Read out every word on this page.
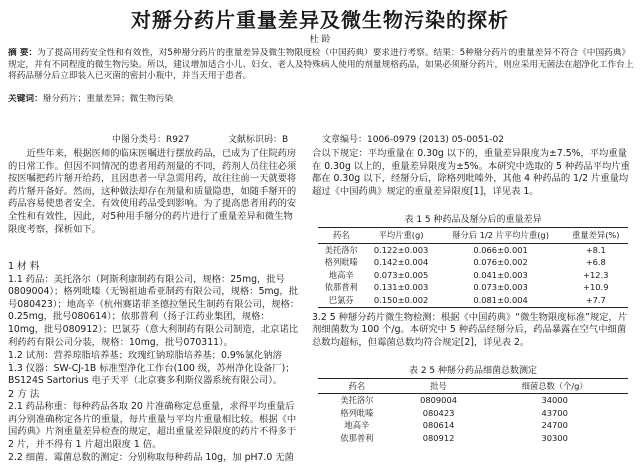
对掰分药片重量差异及微生物污染的探析
杜 龄

摘 要：为了提高用药安全性和有效性，对5种掰分药片的重量差异及微生物限度检（中国药典）要求进行考察。结果：5种掰分药片的重量差异不符合《中国药典》规定，并有不同程度的微生物污染。所以，建议增加适合小儿、妇女、老人及特殊病人使用的剂量规格药品，如果必须掰分药片，则应采用无菌法在超净化工作台上将药品掰分后立即装入已灭菌的密封小瓶中，并当天用于患者。

关键词：掰分药片；重量差异；微生物污染
中图分类号：R927	文献标识码：B	文章编号：1006-0979 (2013) 05-0051-02

近些年来，根据医师的临床医嘱进行摆放药品，已成为了住院药房的日常工作。但因不同情况的患者用药剂量的不同，药剂人员往往必须按医嘱把药片掰开给药，且因患者一早急需用药，故往往前一天就要将药片掰开备好。然而，这种做法却存在剂量和质量隐患，如随手掰开的药品容易使患者安全、有效使用药品受到影响。为了提高患者用药的安全性和有效性，因此，对5种用手掰分的药片进行了重量差异和微生物限度考察，探析如下。

1 材 料

1.1 药品：美托洛尔（阿斯利康制药有限公司，规格：25mg，批号0809004）；格列吡嗪（无锡祖迪希亚制药有限公司，规格：5mg，批号080423）；地高辛（杭州赛诺菲圣德拉堡民生制药有限公司，规格：0.25mg，批号080614）；依那普利（扬子江药业集团，规格：10mg，批号080912）；巴氯芬（意大利制药有限公司制造，北京诺比利药药有限公司分装，规格：10mg，批号070311）。

1.2 试剂：营养琼脂培养基；玫瑰红钠琼脂培养基；0.9%氯化钠溶

1.3 仪器：SW-CJ-1B 标准型净化工作台(100 级，苏州净化设备厂)；BS124S Sartorius 电子天平（北京赛多利斯仪器系统有限公司）。

2 方 法

2.1 药品称重：每种药品各取 20 片准确称定总重量，求得平均重量后再分别准确称定各片的重量，每片重量与平均片重量相比较。根据《中国药典》片剂重量差异检查的规定，超出重量差异限度的药片不得多于 2 片，并不得有 1 片超出限度 1 倍。

2.2 细菌、霉菌总数的测定：分别称取每种药品 10g，加 pH7.0 无菌

合以下规定：平均重量在 0.30g 以下的，重量差异限度为±7.5%，平均重量在 0.30g 以上的，重量差异限度为±5%。本研究中选取的 5 种药品平均片重都在 0.30g 以下，经掰分后，除格列吡嗪外，其他 4 种药品的 1/2 片重量均超过《中国药典》规定的重量差异限度[1]，详见表 1。

表 1 5 种药品及掰分后的重量差异
药名	平均片重(g)	掰分后 1/2 片平均片重(g)	重量差异(%)
美托洛尔	0.122±0.003	0.066±0.001	+8.1
格列吡嗪	0.142±0.004	0.076±0.002	+6.8
地高辛	0.073±0.005	0.041±0.003	+12.3
依那普利	0.131±0.003	0.073±0.003	+10.9
巴氯芬	0.150±0.002	0.081±0.004	+7.7

3.2 5 种掰分药片微生物检测：根据《中国药典》“微生物限度标准”规定，片剂细菌数为 100 个/g。本研究中 5 种药品经掰分后，药品暴露在空气中细菌总数均超标，但霉菌总数均符合规定[2]，详见表 2。

表 2 5 种掰分药品细菌总数测定
药名	批号	细菌总数（个/g）
美托洛尔	0809004	34000
格列吡嗪	080423	43700
地高辛	080614	24700
依那普利	080912	30300
